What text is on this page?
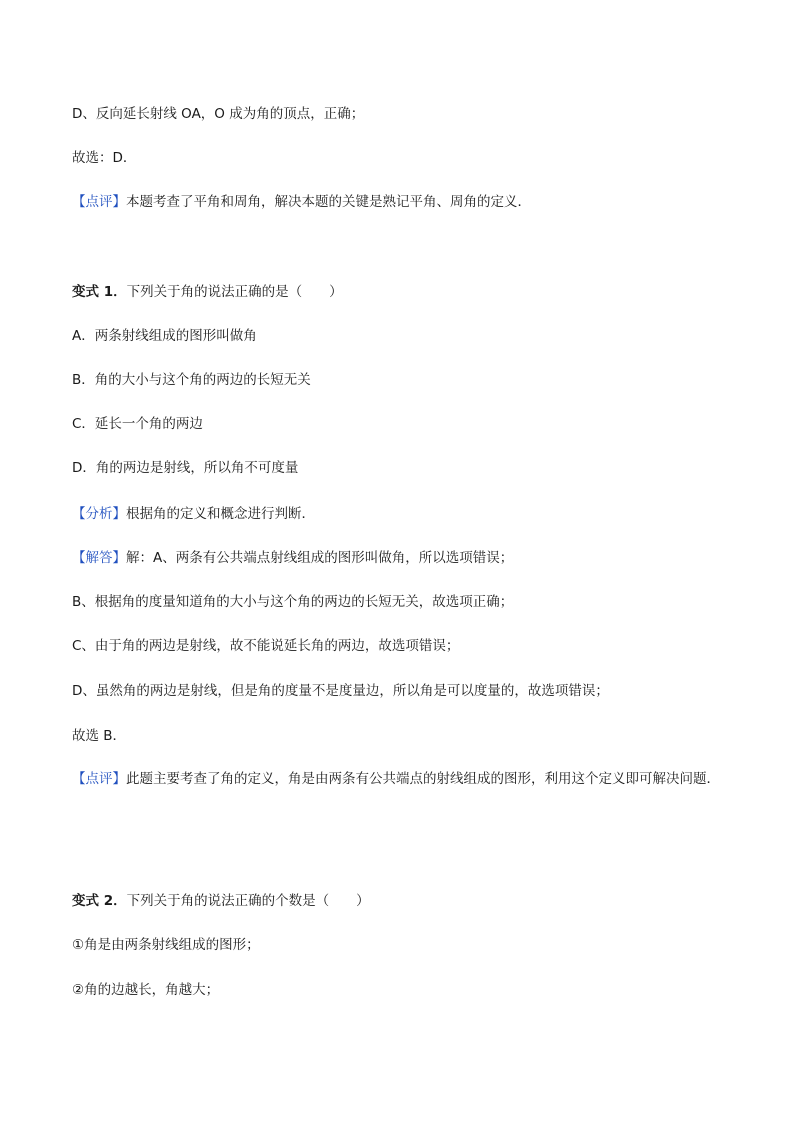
D、反向延长射线 OA，O 成为角的顶点，正确；
故选：D．
【点评】本题考查了平角和周角，解决本题的关键是熟记平角、周角的定义．
变式 1．下列关于角的说法正确的是（　　）
A．两条射线组成的图形叫做角
B．角的大小与这个角的两边的长短无关
C．延长一个角的两边
D．角的两边是射线，所以角不可度量
【分析】根据角的定义和概念进行判断．
【解答】解：A、两条有公共端点射线组成的图形叫做角，所以选项错误；
B、根据角的度量知道角的大小与这个角的两边的长短无关，故选项正确；
C、由于角的两边是射线，故不能说延长角的两边，故选项错误；
D、虽然角的两边是射线，但是角的度量不是度量边，所以角是可以度量的，故选项错误；
故选 B．
【点评】此题主要考查了角的定义，角是由两条有公共端点的射线组成的图形，利用这个定义即可解决问题．
变式 2．下列关于角的说法正确的个数是（　　）
①角是由两条射线组成的图形；
②角的边越长，角越大；
